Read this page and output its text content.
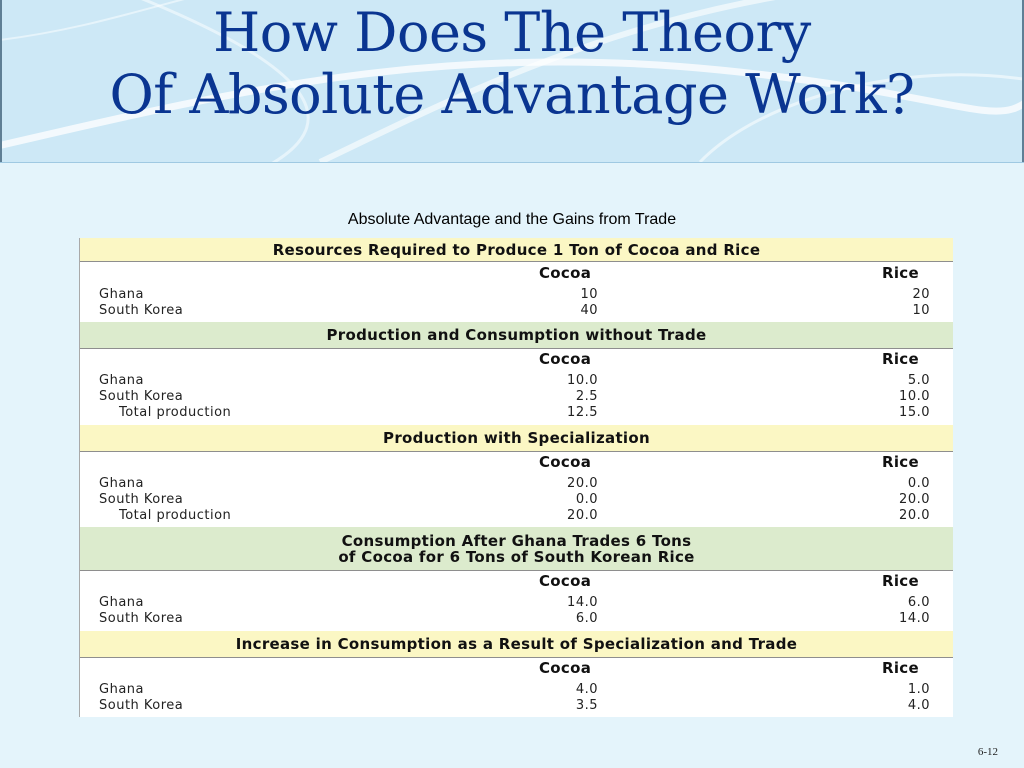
How Does The Theory
Of Absolute Advantage Work?
Absolute Advantage and the Gains from Trade
Resources Required to Produce 1 Ton of Cocoa and Rice
Cocoa	Rice
Ghana	10	20
South Korea	40	10
Production and Consumption without Trade
Cocoa	Rice
Ghana	10.0	5.0
South Korea	2.5	10.0
Total production	12.5	15.0
Production with Specialization
Cocoa	Rice
Ghana	20.0	0.0
South Korea	0.0	20.0
Total production	20.0	20.0
Consumption After Ghana Trades 6 Tons
of Cocoa for 6 Tons of South Korean Rice
Cocoa	Rice
Ghana	14.0	6.0
South Korea	6.0	14.0
Increase in Consumption as a Result of Specialization and Trade
Cocoa	Rice
Ghana	4.0	1.0
South Korea	3.5	4.0
6-12
